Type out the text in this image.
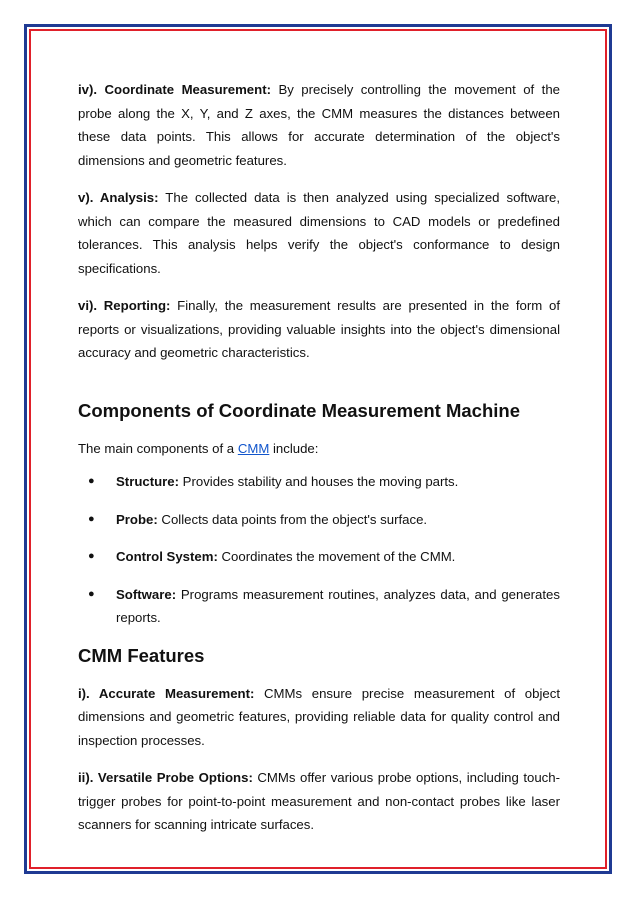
iv). Coordinate Measurement: By precisely controlling the movement of the probe along the X, Y, and Z axes, the CMM measures the distances between these data points. This allows for accurate determination of the object's dimensions and geometric features.

v). Analysis: The collected data is then analyzed using specialized software, which can compare the measured dimensions to CAD models or predefined tolerances. This analysis helps verify the object's conformance to design specifications.

vi). Reporting: Finally, the measurement results are presented in the form of reports or visualizations, providing valuable insights into the object's dimensional accuracy and geometric characteristics.

Components of Coordinate Measurement Machine

The main components of a CMM include:

● Structure: Provides stability and houses the moving parts.
● Probe: Collects data points from the object's surface.
● Control System: Coordinates the movement of the CMM.
● Software: Programs measurement routines, analyzes data, and generates reports.
CMM Features

i). Accurate Measurement: CMMs ensure precise measurement of object dimensions and geometric features, providing reliable data for quality control and inspection processes.

ii). Versatile Probe Options: CMMs offer various probe options, including touch-trigger probes for point-to-point measurement and non-contact probes like laser scanners for scanning intricate surfaces.
